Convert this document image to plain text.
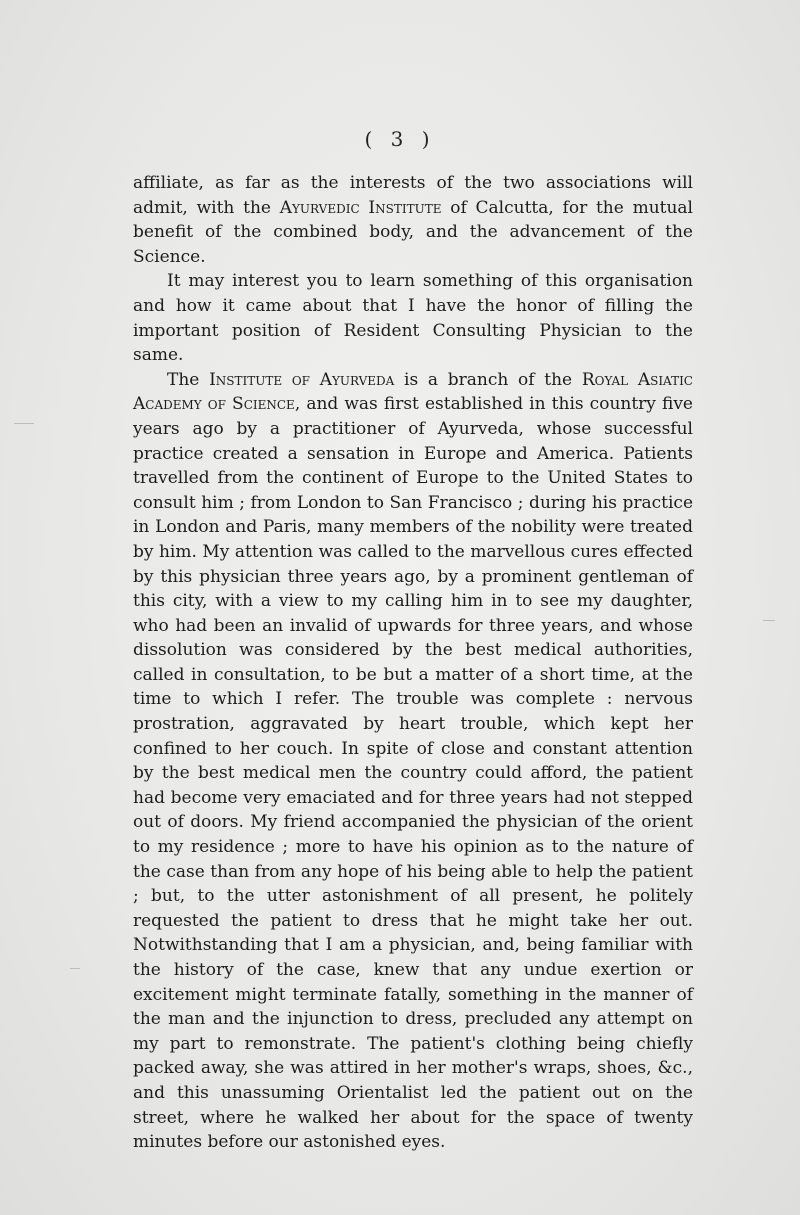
( 3 )

affiliate, as far as the interests of the two associations will admit, with the Ayurvedic Institute of Calcutta, for the mutual benefit of the combined body, and the advancement of the Science.

It may interest you to learn something of this organisation and how it came about that I have the honor of filling the important position of Resident Consulting Physician to the same.

The Institute of Ayurveda is a branch of the Royal Asiatic Academy of Science, and was first established in this country five years ago by a practitioner of Ayurveda, whose successful practice created a sensation in Europe and America. Patients travelled from the continent of Europe to the United States to consult him ; from London to San Francisco ; during his practice in London and Paris, many members of the nobility were treated by him. My attention was called to the marvellous cures effected by this physician three years ago, by a prominent gentleman of this city, with a view to my calling him in to see my daughter, who had been an invalid of upwards for three years, and whose dissolution was considered by the best medical authorities, called in consultation, to be but a matter of a short time, at the time to which I refer. The trouble was complete : nervous prostration, aggravated by heart trouble, which kept her confined to her couch. In spite of close and constant attention by the best medical men the country could afford, the patient had become very emaciated and for three years had not stepped out of doors. My friend accompanied the physician of the orient to my residence ; more to have his opinion as to the nature of the case than from any hope of his being able to help the patient ; but, to the utter astonishment of all present, he politely requested the patient to dress that he might take her out. Notwithstanding that I am a physician, and, being familiar with the history of the case, knew that any undue exertion or excitement might terminate fatally, something in the manner of the man and the injunction to dress, precluded any attempt on my part to remonstrate. The patient's clothing being chiefly packed away, she was attired in her mother's wraps, shoes, &c., and this unassuming Orientalist led the patient out on the street, where he walked her about for the space of twenty minutes before our astonished eyes.
